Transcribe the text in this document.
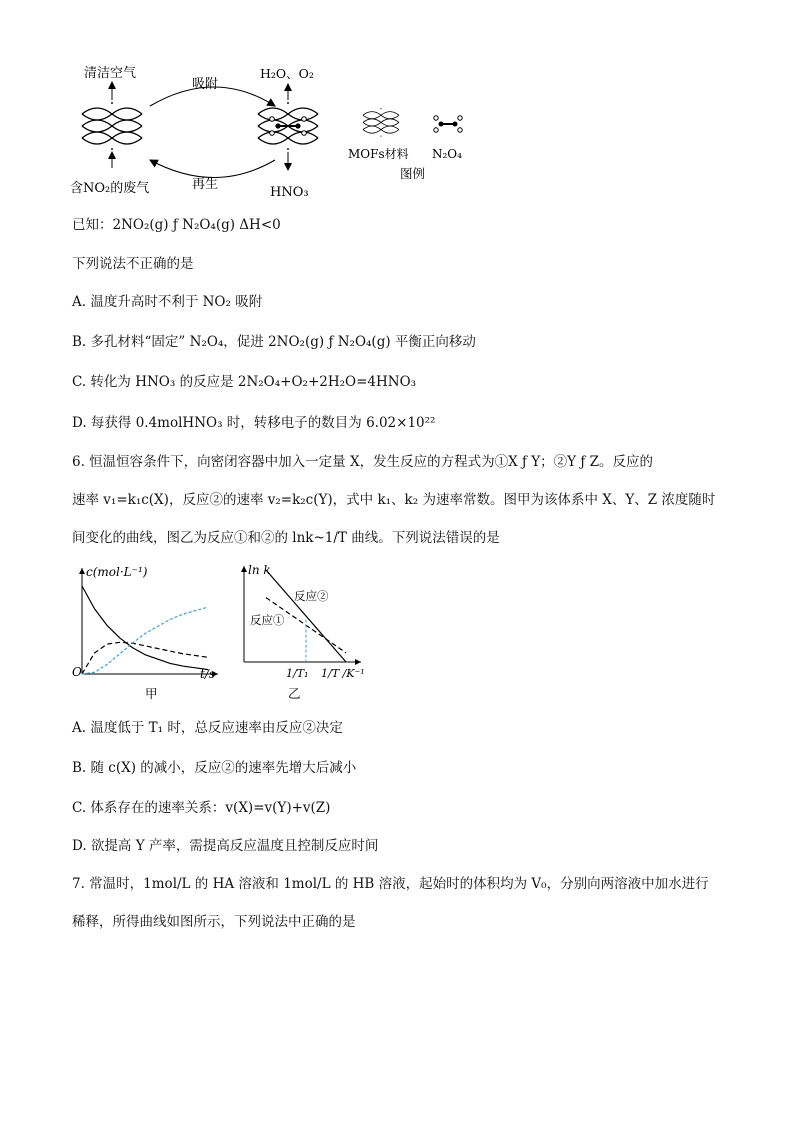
清洁空气
含NO₂的废气
吸附
再生
H₂O、O₂
HNO₃
MOFs材料 N₂O₄
图例
已知：2NO₂(g) ƒ N₂O₄(g) ΔH<0
下列说法不正确的是
A. 温度升高时不利于 NO₂ 吸附
B. 多孔材料“固定” N₂O₄，促进 2NO₂(g) ƒ N₂O₄(g) 平衡正向移动
C. 转化为 HNO₃ 的反应是 2N₂O₄+O₂+2H₂O=4HNO₃
D. 每获得 0.4molHNO₃ 时，转移电子的数目为 6.02×10²²
6. 恒温恒容条件下，向密闭容器中加入一定量 X，发生反应的方程式为①X ƒ Y；②Y ƒ Z。反应的
速率 v₁=k₁c(X)，反应②的速率 v₂=k₂c(Y)，式中 k₁、k₂ 为速率常数。图甲为该体系中 X、Y、Z 浓度随时
间变化的曲线，图乙为反应①和②的 lnk~1/T 曲线。下列说法错误的是
c(mol·L⁻¹)
t/s
O
甲
ln k
1/T /K⁻¹
1/T₁
反应②
反应①
乙
A. 温度低于 T₁ 时，总反应速率由反应②决定
B. 随 c(X) 的减小，反应②的速率先增大后减小
C. 体系存在的速率关系：v(X)=v(Y)+v(Z)
D. 欲提高 Y 产率，需提高反应温度且控制反应时间
7. 常温时，1mol/L 的 HA 溶液和 1mol/L 的 HB 溶液，起始时的体积均为 V₀，分别向两溶液中加水进行
稀释，所得曲线如图所示，下列说法中正确的是
